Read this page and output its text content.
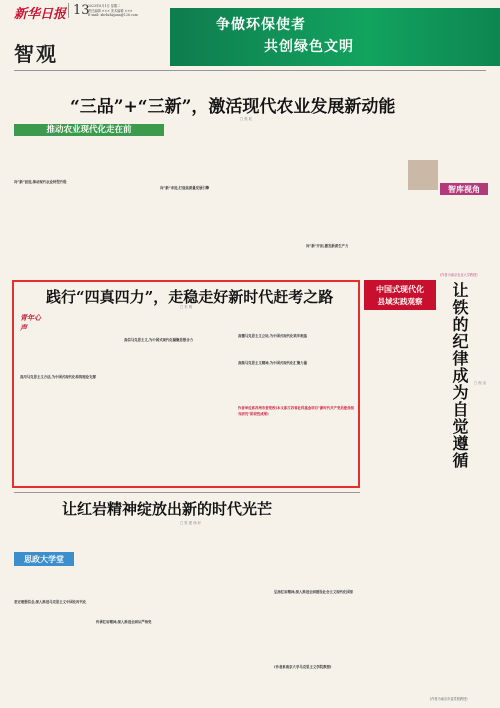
新华日报 13
2023年8月1日 星期二
责任编辑 ××× 美术编辑 ×××
E-mail: xhrbzhiguan@126.com
智观
争做环保使者
共创绿色文明
“三品”+“三新”，激活现代农业发展新动能
□ 张 旺
推动农业现代化走在前
向“新”而进,推动现代农业转型升级
向“新”求进,打造高质量发展引擎
向“新”开拓,激发新质生产力
智库视角
(作者为南京农业大学教授)
践行“四真四力”，走稳走好新时代赶考之路
□ 朱 明
青年心声
真用马克思主义方法,为中国式现代化构筑理论支撑
真信马克思主义,为中国式现代化凝聚思想合力
真懂马克思主义立场,为中国式现代化筑牢根基
真做马克思主义精神,为中国式现代化汇聚力量
作者单位系苏州市委党校(本文系江苏省社科基金项目“新时代共产党员使命担当研究”阶段性成果)
中国式现代化
县域实践观察	让铁的纪律成为自觉遵循 □ 倪 洁
(作者为南京市委党校教授)
让红岩精神绽放出新的时代光芒
□ 张 建 杨 轩
思政大学堂
坚定理想信念,深入推进马克思主义中国化时代化
传承红岩精神,深入推进全面从严治党
弘扬红岩精神,深入推进全面建设社会主义现代化国家
(作者系南京大学马克思主义学院教授)
